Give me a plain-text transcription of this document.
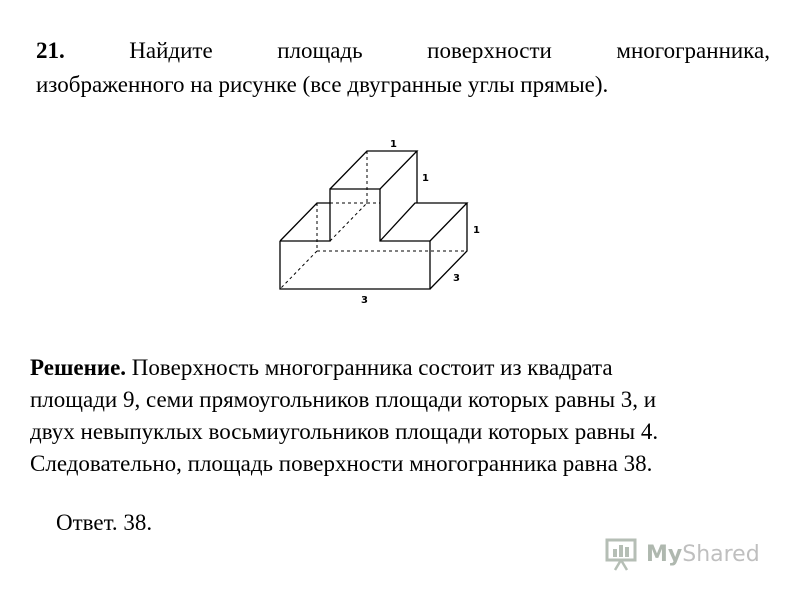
21.	Найдите	площадь	поверхности	многогранника,
изображенного на рисунке (все двугранные углы прямые).
1
1
1
3
3
Решение. Поверхность многогранника состоит из квадрата
площади 9, семи прямоугольников площади которых равны 3, и
двух невыпуклых восьмиугольников площади которых равны 4.
Следовательно, площадь поверхности многогранника равна 38.
Ответ. 38.
MyShared
